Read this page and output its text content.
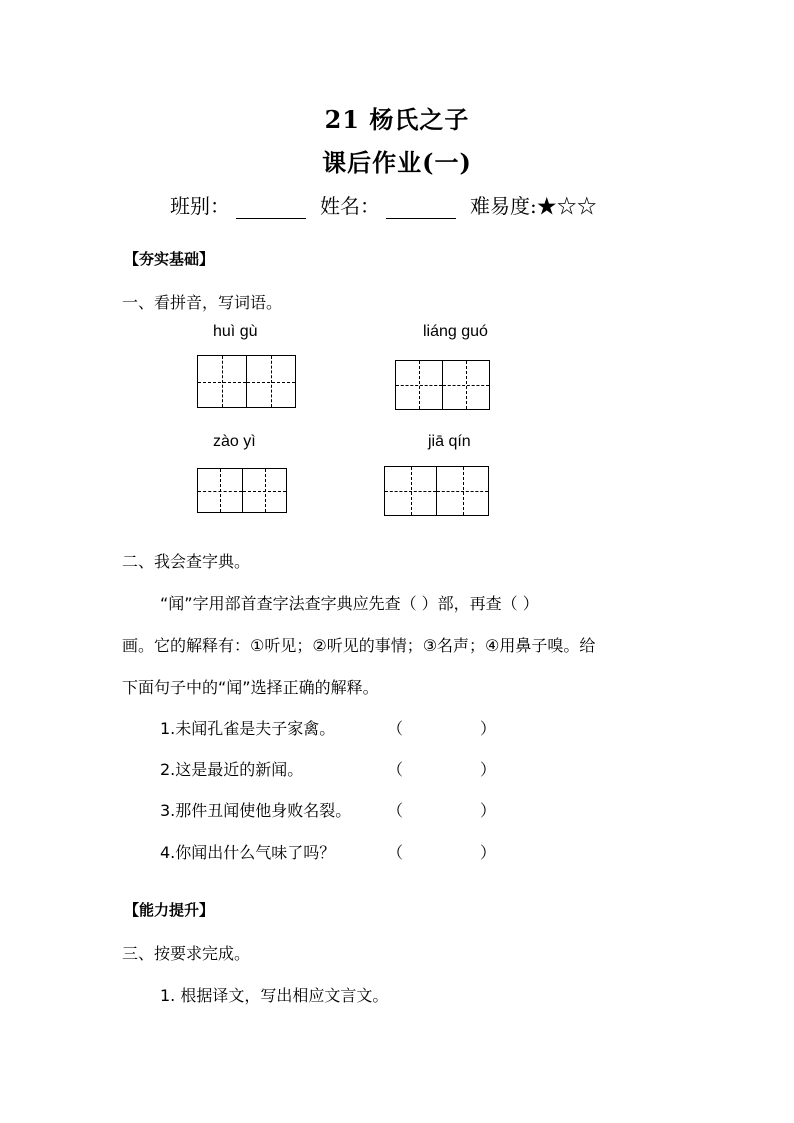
21 杨氏之子
课后作业(一)
班别：	姓名：	难易度:★☆☆
【夯实基础】
一、看拼音，写词语。
huì gù	liáng guó
zào yì	jiā qín
二、我会查字典。
“闻”字用部首查字法查字典应先查（ ）部，再查（ ）
画。它的解释有：①听见；②听见的事情；③名声；④用鼻子嗅。给
下面句子中的“闻”选择正确的解释。
1.未闻孔雀是夫子家禽。	（	）
2.这是最近的新闻。	（	）
3.那件丑闻使他身败名裂。 （	）
4.你闻出什么气味了吗？	（	）
【能力提升】
三、按要求完成。
1. 根据译文，写出相应文言文。
